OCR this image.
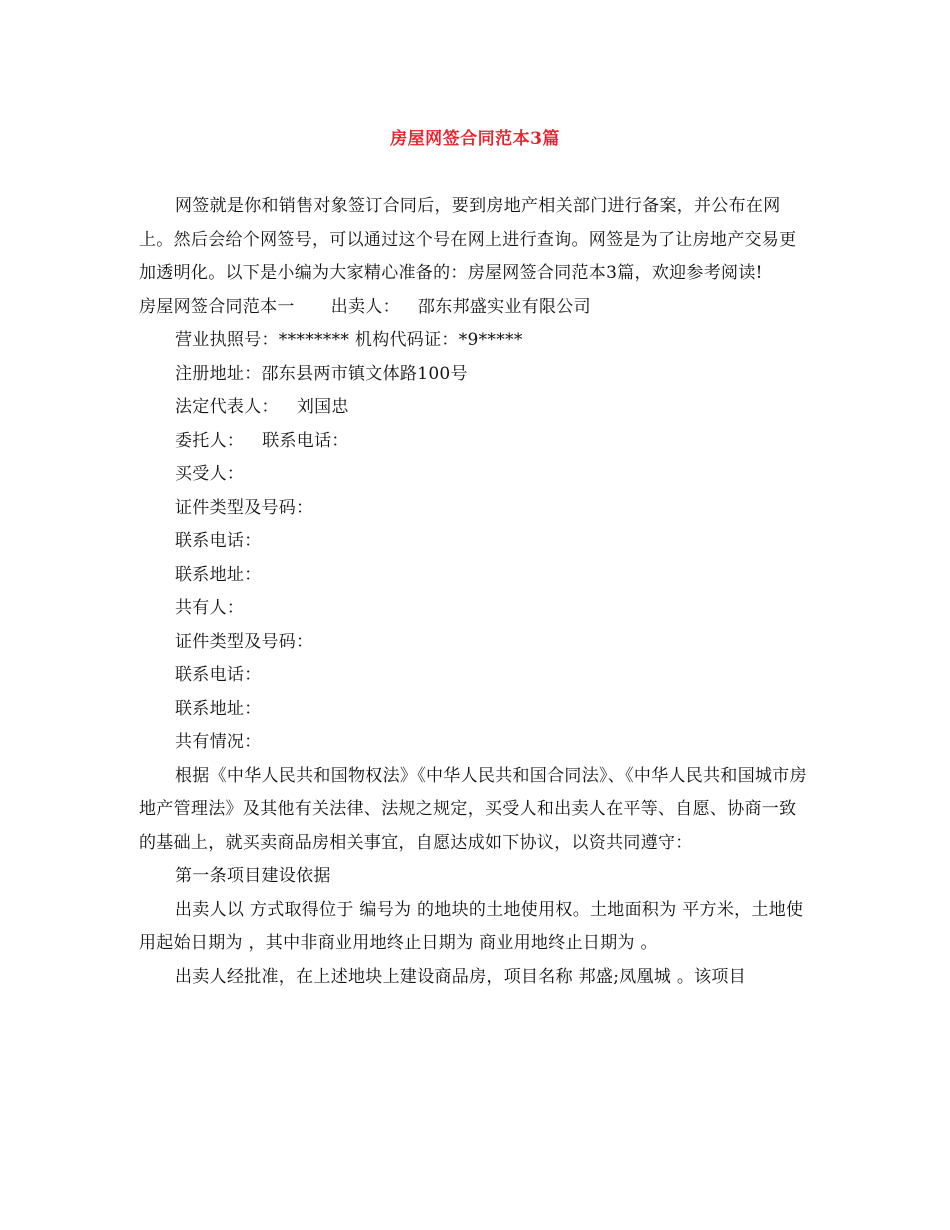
房屋网签合同范本3篇

网签就是你和销售对象签订合同后，要到房地产相关部门进行备案，并公布在网上。然后会给个网签号，可以通过这个号在网上进行查询。网签是为了让房地产交易更加透明化。以下是小编为大家精心准备的：房屋网签合同范本3篇，欢迎参考阅读!

房屋网签合同范本一 出卖人： 邵东邦盛实业有限公司

营业执照号：******** 机构代码证：*9*****

注册地址：邵东县两市镇文体路100号

法定代表人： 刘国忠

委托人： 联系电话：

买受人：

证件类型及号码：

联系电话：

联系地址：

共有人：

证件类型及号码：

联系电话：

联系地址：

共有情况：

根据《中华人民共和国物权法》《中华人民共和国合同法》、《中华人民共和国城市房地产管理法》及其他有关法律、法规之规定，买受人和出卖人在平等、自愿、协商一致的基础上，就买卖商品房相关事宜，自愿达成如下协议，以资共同遵守：

第一条项目建设依据

出卖人以 方式取得位于 编号为 的地块的土地使用权。土地面积为 平方米，土地使用起始日期为 ，其中非商业用地终止日期为 商业用地终止日期为 。

出卖人经批准，在上述地块上建设商品房，项目名称 邦盛;凤凰城 。该项目
